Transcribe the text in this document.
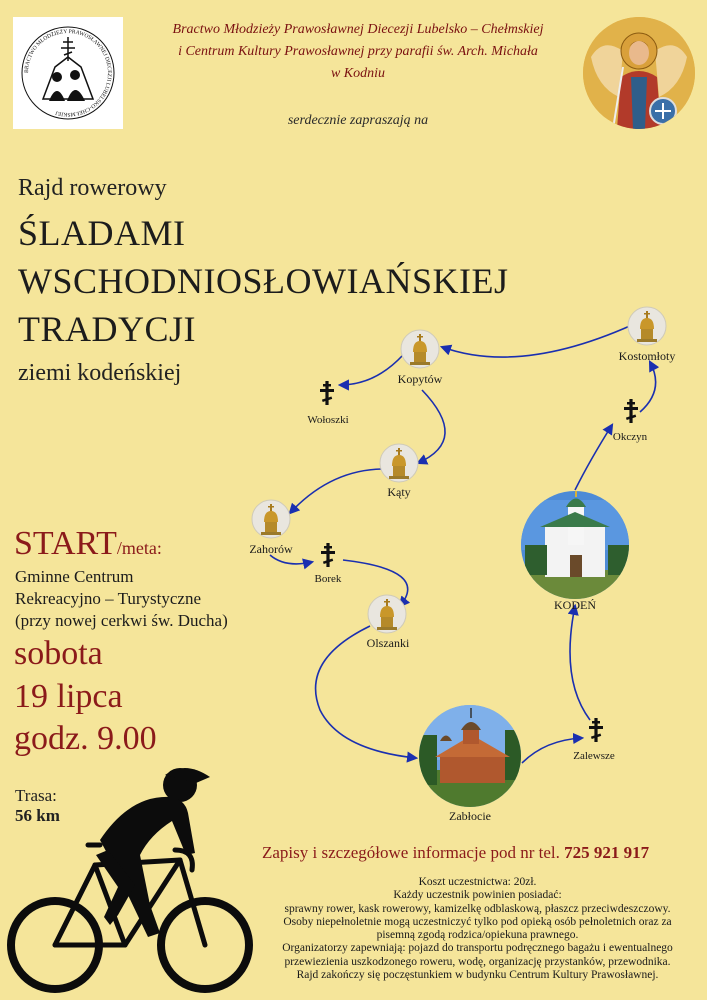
BRACTWO MŁODZIEŻY PRAWOSŁAWNEJ DIECEZJI LUBELSKO-CHEŁMSKIEJ
Bractwo Młodzieży Prawosławnej Diecezji Lubelsko – Chełmskiej
i Centrum Kultury Prawosławnej przy parafii św. Arch. Michała
w Kodniu
serdecznie zapraszają na
Rajd rowerowy
ŚLADAMI
WSCHODNIOSŁOWIAŃSKIEJ
TRADYCJI
ziemi kodeńskiej
Kostomłoty
Kopytów
Wołoszki
Okczyn
Kąty
Zahorów
Borek
Olszanki
KODEŃ
Zalewsze
Zabłocie
START/meta:
Gminne Centrum
Rekreacyjno – Turystyczne
(przy nowej cerkwi św. Ducha)
sobota
19 lipca
godz. 9.00
Trasa:
56 km
Zapisy i szczegółowe informacje pod nr tel. 725 921 917
Koszt uczestnictwa: 20zł.
Każdy uczestnik powinien posiadać:
sprawny rower, kask rowerowy, kamizelkę odblaskową, płaszcz przeciwdeszczowy.
Osoby niepełnoletnie mogą uczestniczyć tylko pod opieką osób pełnoletnich oraz za
pisemną zgodą rodzica/opiekuna prawnego.
Organizatorzy zapewniają: pojazd do transportu podręcznego bagażu i ewentualnego
przewiezienia uszkodzonego roweru, wodę, organizację przystanków, przewodnika.
Rajd zakończy się poczęstunkiem w budynku Centrum Kultury Prawosławnej.
